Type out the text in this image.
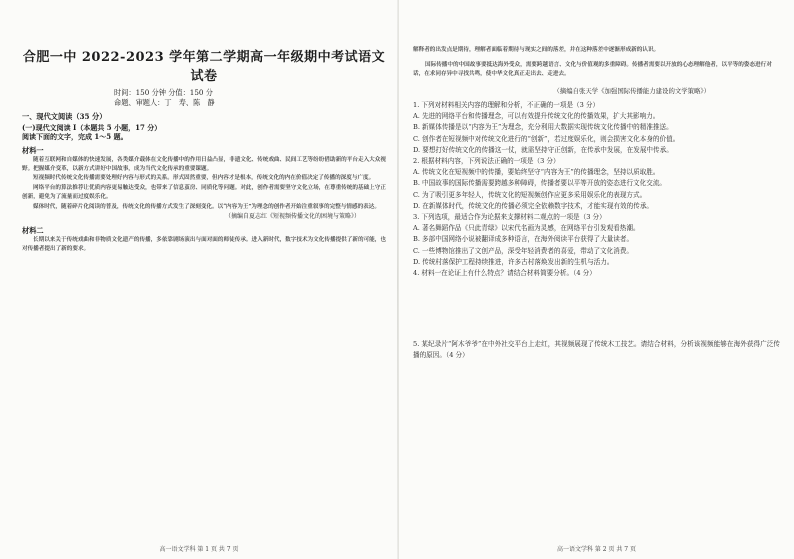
合肥一中 2022-2023 学年第二学期高一年级期中考试语文试卷
时间：150 分钟 分值：150 分
命题、审题人：丁　寿、陈　静
一、现代文阅读（35 分）
(一)现代文阅读 I（本题共 5 小题，17 分）
阅读下面的文字，完成 1～5 题。
材料一

随着互联网和自媒体的快速发展，各类媒介载体在文化传播中的作用日益凸显，非遗文化、传统戏曲、民间工艺等纷纷借助新的平台走入大众视野。把握媒介变革，以新方式讲好中国故事，成为当代文化传承的重要课题。

短视频时代传统文化传播需要处理好内容与形式的关系。形式固然重要，但内容才是根本，传统文化的内在价值决定了传播的深度与广度。

网络平台的算法推荐让优质内容更易触达受众，也带来了信息茧房、同质化等问题。对此，创作者需要坚守文化立场，在尊重传统的基础上守正创新，避免为了流量而过度娱乐化。

媒体时代，随着碎片化阅读的普及，传统文化的传播方式发生了深刻变化。以“内容为王”为理念的创作者开始注重叙事的完整与情感的表达。

（摘编自夏志红《短视频传播文化的困境与策略》）
材料二

长期以来关于传统戏曲和非物质文化遗产的传播，多依靠剧场演出与面对面的师徒传承。进入新时代，数字技术为文化传播提供了新的可能，也对传播者提出了新的要求。

高一语文学科 第 1 页 共 7 页

解释者的出发点是期待，理解者面临着期待与现实之间的落差，并在这种落差中逐渐形成新的认识。

国际传播中的中国故事要抵达海外受众，需要跨越语言、文化与价值观的多重障碍。传播者需要以开放的心态理解他者，以平等的姿态进行对话，在求同存异中寻找共鸣，使中华文化真正走出去、走进去。

（摘编自张天学《加强国际传播能力建设的文学策略》）

1. 下列对材料相关内容的理解和分析，不正确的一项是（3 分）

A. 先进的网络平台和传播理念，可以有效提升传统文化的传播效果，扩大其影响力。

B. 新媒体传播是以“内容为王”为理念，充分利用大数据实现传统文化传播中的精准推送。

C. 创作者在短视频中对传统文化进行的“创新”，若过度娱乐化，则会损害文化本身的价值。

D. 要想打好传统文化的传播这一仗，就需坚持守正创新，在传承中发展，在发展中传承。

2. 根据材料内容，下列说法正确的一项是（3 分）

A. 传统文化在短视频中的传播，要始终坚守“内容为王”的传播理念，坚持以质取胜。

B. 中国故事的国际传播需要跨越多种障碍，传播者要以平等开放的姿态进行文化交流。

C. 为了吸引更多年轻人，传统文化的短视频创作应更多采用娱乐化的表现方式。

D. 在新媒体时代，传统文化的传播必须完全依赖数字技术，才能实现有效的传承。

3. 下列选项，最适合作为论据来支撑材料二观点的一项是（3 分）

A. 著名舞蹈作品《只此青绿》以宋代名画为灵感，在网络平台引发观看热潮。

B. 多部中国网络小说被翻译成多种语言，在海外阅读平台获得了大量读者。

C. 一些博物馆推出了文创产品，深受年轻消费者的喜爱，带动了文化消费。

D. 传统村落保护工程持续推进，许多古村落焕发出新的生机与活力。

4. 材料一在论证上有什么特点？请结合材料简要分析。（4 分）

5. 某纪录片“阿木爷爷”在中外社交平台上走红，其视频展现了传统木工技艺。请结合材料，分析该视频能够在海外获得广泛传播的原因。（4 分）

高一语文学科 第 2 页 共 7 页
